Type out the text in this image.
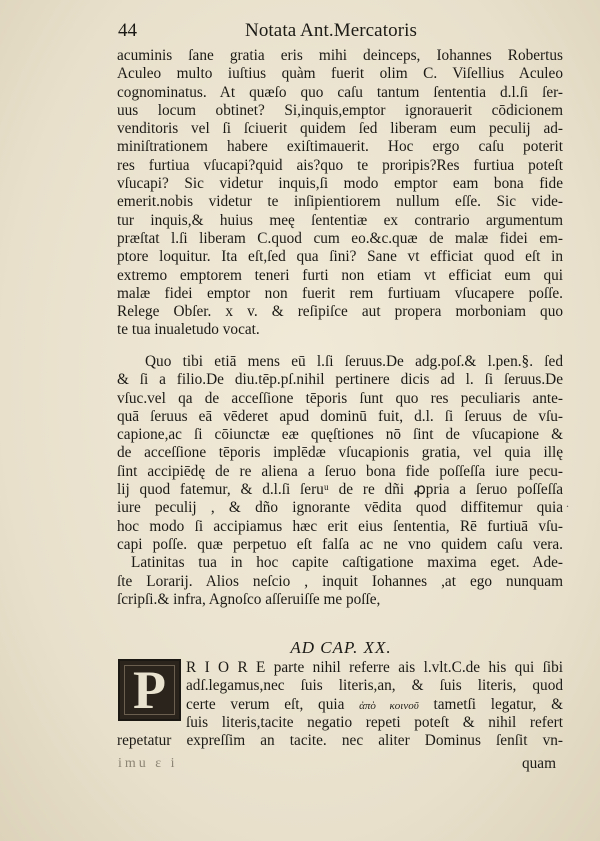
44	Notata Ant.Mercatoris
acuminis ſane gratia eris mihi deinceps, Iohannes Robertus
Aculeo multo iuſtius quàm fuerit olim C. Viſellius Aculeo
cognominatus. At quæſo quo caſu tantum ſententia d.l.ſi ſer-
uus locum obtinet? Si,inquis,emptor ignorauerit cōdicionem
venditoris vel ſi ſciuerit quidem ſed liberam eum peculij ad-
miniſtrationem habere exiſtimauerit. Hoc ergo caſu poterit
res furtiua vſucapi?quid ais?quo te proripis?Res furtiua poteſt
vſucapi? Sic videtur inquis,ſi modo emptor eam bona fide
emerit.nobis videtur te inſipientiorem nullum eſſe. Sic vide-
tur inquis,& huius meę ſententiæ ex contrario argumentum
præſtat l.ſi liberam C.quod cum eo.&c.quæ de malæ fidei em-
ptore loquitur. Ita eſt,ſed qua ſini? Sane vt efficiat quod eſt in
extremo emptorem teneri furti non etiam vt efficiat eum qui
malæ fidei emptor non fuerit rem furtiuam vſucapere poſſe.
Relege Obſer. x v. & reſipiſce aut propera morboniam quo
te tua inualetudo vocat.
Quo tibi etiā mens eū l.ſi ſeruus.De adg.poſ.& l.pen.§. ſed
& ſi a filio.De diu.tēp.pſ.nihil pertinere dicis ad l. ſi ſeruus.De
vſuc.vel qa de acceſſione tēporis ſunt quo res peculiaris ante-
quā ſeruus eā vēderet apud dominū fuit, d.l. ſi ſeruus de vſu-
capione,ac ſi cōiunctæ eæ quęſtiones nō ſint de vſucapione &
de acceſſione tēporis implēdæ vſucapionis gratia, vel quia illę
ſint accipiēdę de re aliena a ſeruo bona fide poſſeſſa iure pecu-
lij quod fatemur, & d.l.ſi ſeruᵘ de re dñi ꝓpria a ſeruo poſſeſſa
iure peculij , & dño ignorante vēdita quod diffitemur quia
hoc modo ſi accipiamus hæc erit eius ſententia, Rē furtiuā vſu-
capi poſſe. quæ perpetuo eſt falſa ac ne vno quidem caſu vera.
Latinitas tua in hoc capite caſtigatione maxima eget. Ade-
ſte Lorarij. Alios neſcio , inquit Iohannes ,at ego nunquam
ſcripſi.& infra, Agnoſco aſſeruiſſe me poſſe,
AD CAP. XX.
P R I O R E parte nihil referre ais l.vlt.C.de his qui ſibi
adſ.legamus,nec ſuis literis,an, & ſuis literis, quod
certe verum eſt, quia ἀπὸ κοινοῦ tametſi legatur, &
ſuis literis,tacite negatio repeti poteſt & nihil refert
repetatur expreſſim an tacite. nec aliter Dominus ſenſit vn-
imu ɛ i	quam
.
